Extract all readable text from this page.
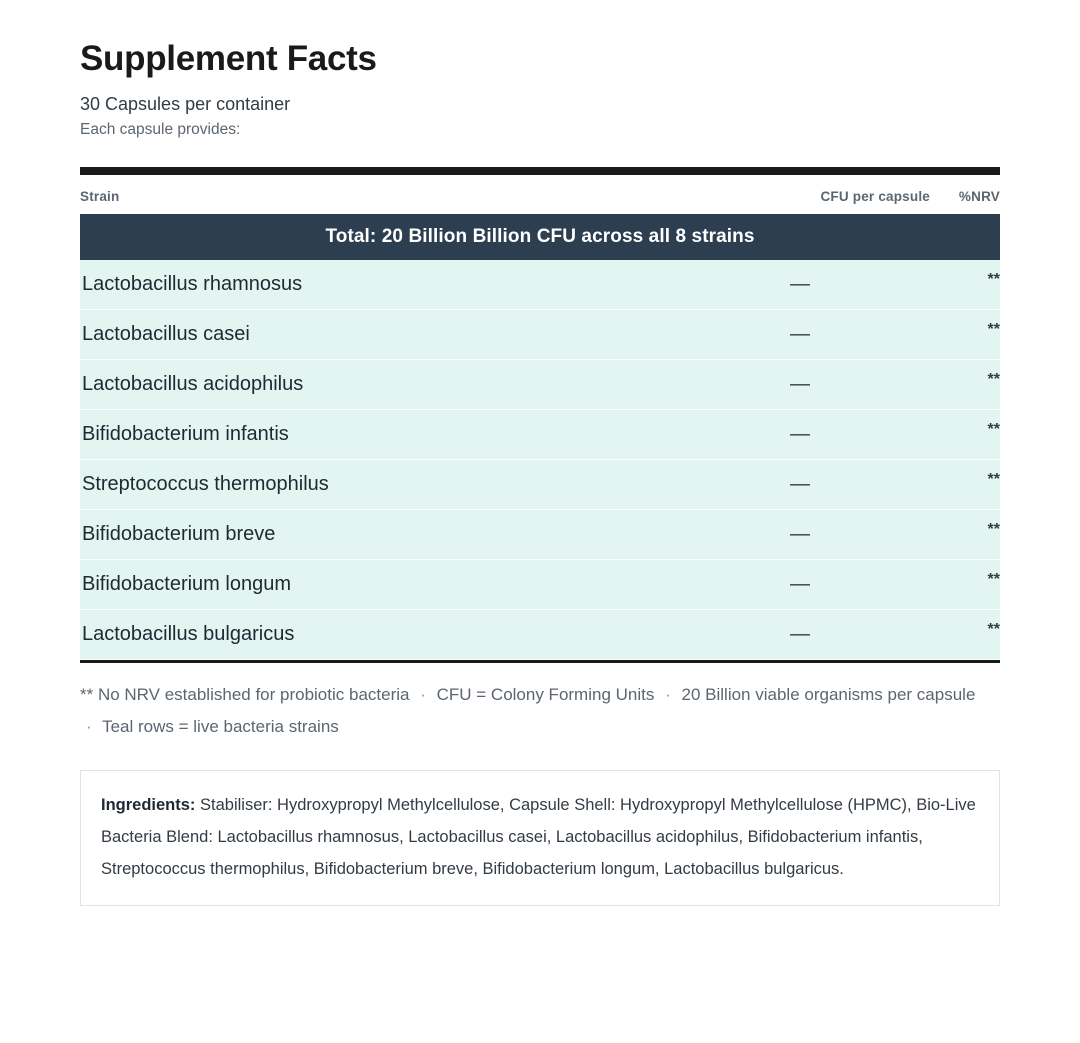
Supplement Facts

30 Capsules per container

Each capsule provides:

Strain	CFU per capsule	%NRV
Total: 20 Billion Billion CFU across all 8 strains		
Lactobacillus rhamnosus	—	**
Lactobacillus casei	—	**
Lactobacillus acidophilus	—	**
Bifidobacterium infantis	—	**
Streptococcus thermophilus	—	**
Bifidobacterium breve	—	**
Bifidobacterium longum	—	**
Lactobacillus bulgaricus	—	**
** No NRV established for probiotic bacteria · CFU = Colony Forming Units · 20 Billion viable organisms per capsule · Teal rows = live bacteria strains
Ingredients: Stabiliser: Hydroxypropyl Methylcellulose, Capsule Shell: Hydroxypropyl Methylcellulose (HPMC), Bio-Live Bacteria Blend: Lactobacillus rhamnosus, Lactobacillus casei, Lactobacillus acidophilus, Bifidobacterium infantis, Streptococcus thermophilus, Bifidobacterium breve, Bifidobacterium longum, Lactobacillus bulgaricus.
